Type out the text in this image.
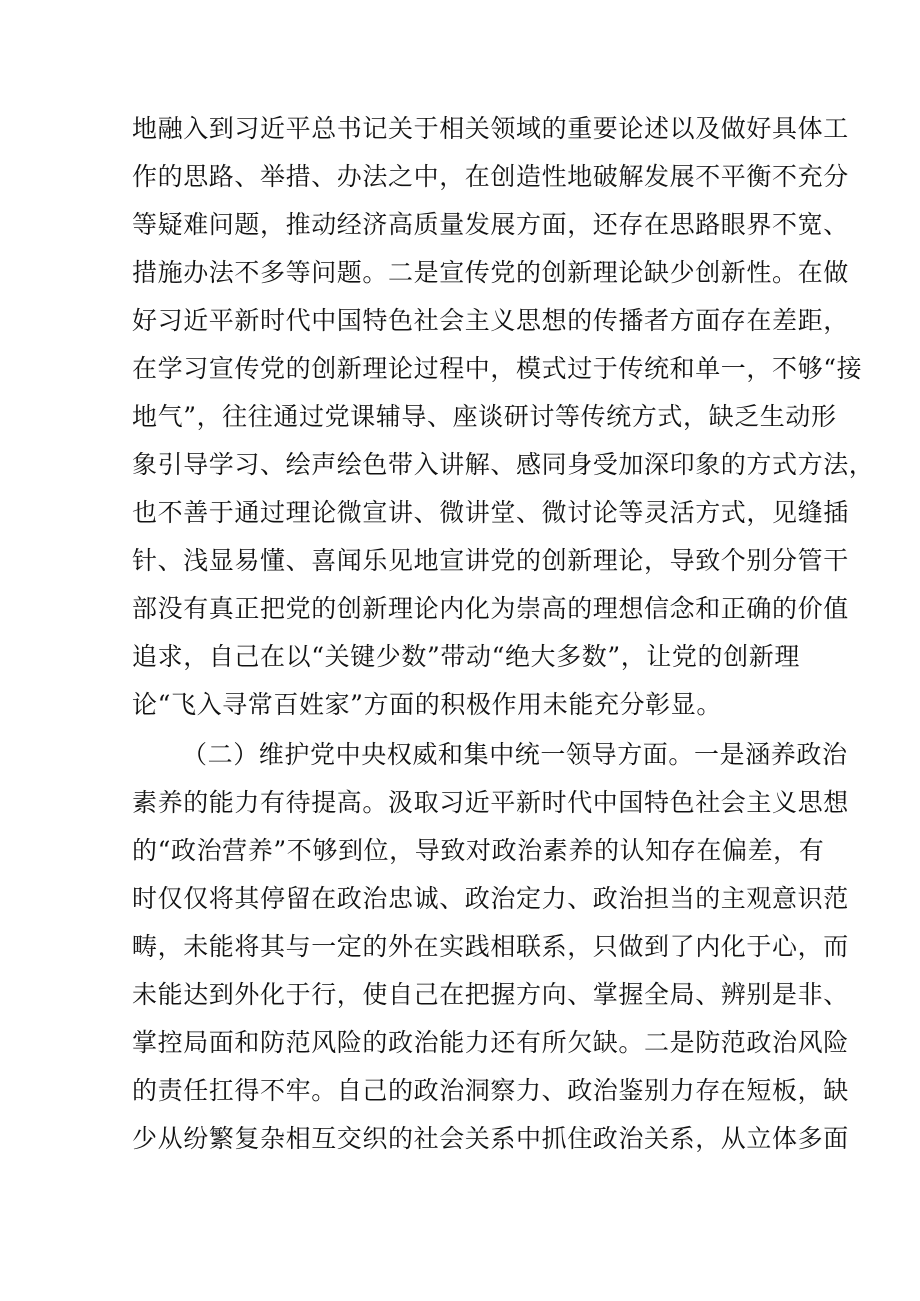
地融入到习近平总书记关于相关领域的重要论述以及做好具体工
作的思路、举措、办法之中，在创造性地破解发展不平衡不充分
等疑难问题，推动经济高质量发展方面，还存在思路眼界不宽、
措施办法不多等问题。二是宣传党的创新理论缺少创新性。在做
好习近平新时代中国特色社会主义思想的传播者方面存在差距，
在学习宣传党的创新理论过程中，模式过于传统和单一，不够“接
地气”，往往通过党课辅导、座谈研讨等传统方式，缺乏生动形
象引导学习、绘声绘色带入讲解、感同身受加深印象的方式方法，
也不善于通过理论微宣讲、微讲堂、微讨论等灵活方式，见缝插
针、浅显易懂、喜闻乐见地宣讲党的创新理论，导致个别分管干
部没有真正把党的创新理论内化为崇高的理想信念和正确的价值
追求，自己在以“关键少数”带动“绝大多数”，让党的创新理
论“飞入寻常百姓家”方面的积极作用未能充分彰显。
（二）维护党中央权威和集中统一领导方面。一是涵养政治
素养的能力有待提高。汲取习近平新时代中国特色社会主义思想
的“政治营养”不够到位，导致对政治素养的认知存在偏差，有
时仅仅将其停留在政治忠诚、政治定力、政治担当的主观意识范
畴，未能将其与一定的外在实践相联系，只做到了内化于心，而
未能达到外化于行，使自己在把握方向、掌握全局、辨别是非、
掌控局面和防范风险的政治能力还有所欠缺。二是防范政治风险
的责任扛得不牢。自己的政治洞察力、政治鉴别力存在短板，缺
少从纷繁复杂相互交织的社会关系中抓住政治关系，从立体多面
